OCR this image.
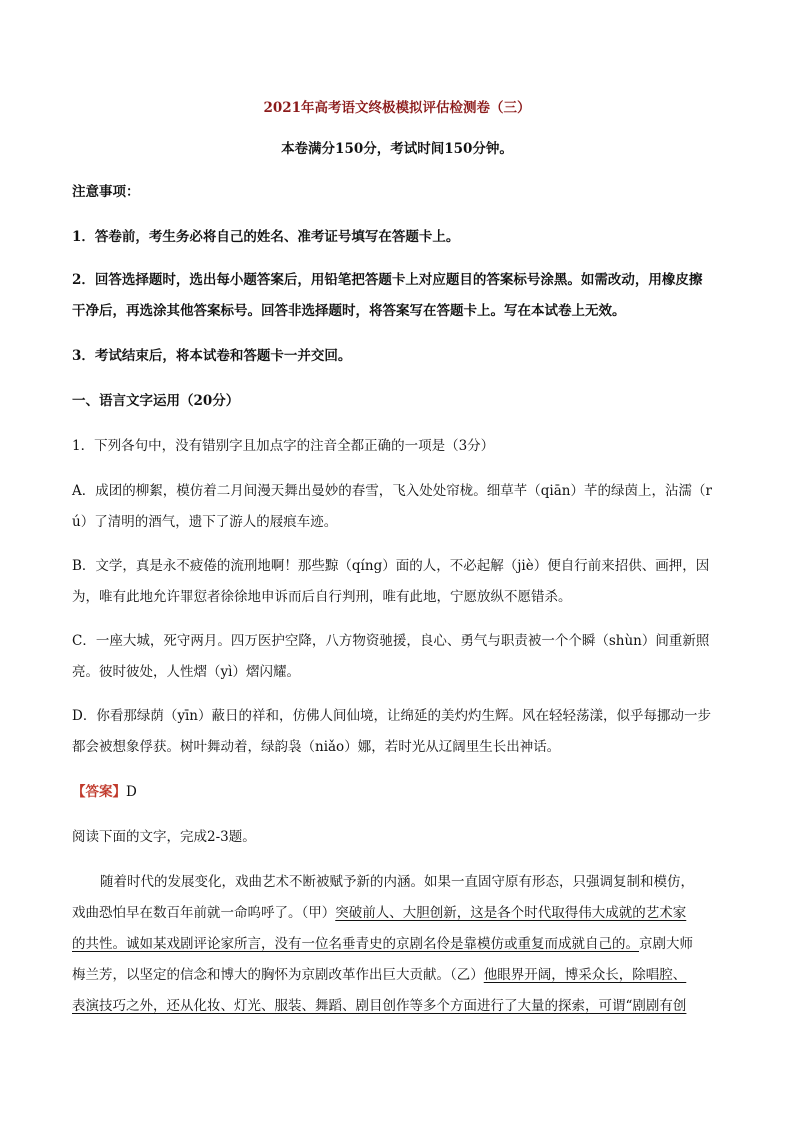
2021年高考语文终极模拟评估检测卷（三）
本卷满分150分，考试时间150分钟。
注意事项：
1．答卷前，考生务必将自己的姓名、准考证号填写在答题卡上。
2．回答选择题时，选出每小题答案后，用铅笔把答题卡上对应题目的答案标号涂黑。如需改动，用橡皮擦
干净后，再选涂其他答案标号。回答非选择题时，将答案写在答题卡上。写在本试卷上无效。
3．考试结束后，将本试卷和答题卡一并交回。
一、语言文字运用（20分）
1．下列各句中，没有错别字且加点字的注音全都正确的一项是（3分）
A．成团的柳絮，模仿着二月间漫天舞出曼妙的春雪，飞入处处帘栊。细草芊（qiān）芊的绿茵上，沾濡（r
ú）了清明的酒气，遗下了游人的屐痕车迹。
B．文学，真是永不疲倦的流刑地啊！那些黥（qíng）面的人，不必起解（jiè）便自行前来招供、画押，因
为，唯有此地允许罪愆者徐徐地申诉而后自行判刑，唯有此地，宁愿放纵不愿错杀。
C．一座大城，死守两月。四万医护空降，八方物资驰援，良心、勇气与职责被一个个瞬（shùn）间重新照
亮。彼时彼处，人性熠（yì）熠闪耀。
D．你看那绿荫（yīn）蔽日的祥和，仿佛人间仙境，让绵延的美灼灼生辉。风在轻轻荡漾，似乎每挪动一步
都会被想象俘获。树叶舞动着，绿韵袅（niǎo）娜，若时光从辽阔里生长出神话。
【答案】D
阅读下面的文字，完成2-3题。
随着时代的发展变化，戏曲艺术不断被赋予新的内涵。如果一直固守原有形态，只强调复制和模仿，
戏曲恐怕早在数百年前就一命呜呼了。（甲）突破前人、大胆创新，这是各个时代取得伟大成就的艺术家
的共性。诚如某戏剧评论家所言，没有一位名垂青史的京剧名伶是靠模仿或重复而成就自己的。京剧大师
梅兰芳，以坚定的信念和博大的胸怀为京剧改革作出巨大贡献。（乙）他眼界开阔，博采众长，除唱腔、
表演技巧之外，还从化妆、灯光、服装、舞蹈、剧目创作等多个方面进行了大量的探索，可谓“剧剧有创
